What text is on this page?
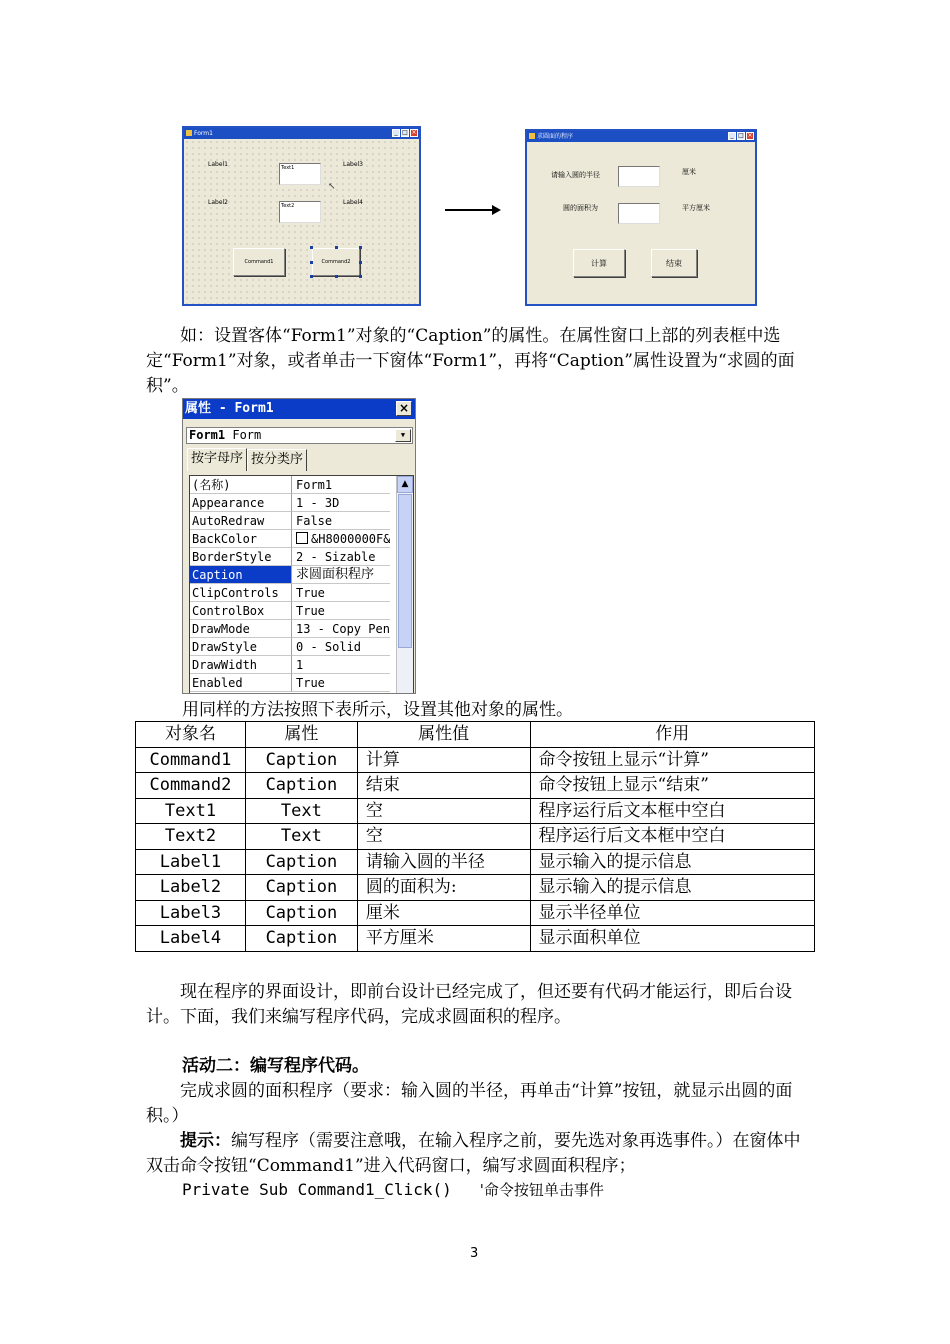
Form1	_ □ ×
Label1	Text1	Label3
↖
Label2	Text2	Label4
Command1	Command2
求圆面的程序	_ □ ×
请输入圆的半径	厘米
圆的面积为	平方厘米
计算	结束
如：设置客体“Form1”对象的“Caption”的属性。在属性窗口上部的列表框中选定“Form1”对象，或者单击一下窗体“Form1”，再将“Caption”属性设置为“求圆的面积”。
属性 - Form1	×
Form1 Form	▼
按字母序 按分类序
(名称)	Form1
Appearance	1 - 3D
AutoRedraw	False
BackColor	&H8000000F&
BorderStyle	2 - Sizable
Caption	求圆面积程序
ClipControls	True
ControlBox	True
DrawMode	13 - Copy Pen
DrawStyle	0 - Solid
DrawWidth	1
Enabled	True
▲
用同样的方法按照下表所示，设置其他对象的属性。
对象名	属性	属性值	作用
Command1	Caption	计算	命令按钮上显示“计算”
Command2	Caption	结束	命令按钮上显示“结束”
Text1	Text	空	程序运行后文本框中空白
Text2	Text	空	程序运行后文本框中空白
Label1	Caption	请输入圆的半径	显示输入的提示信息
Label2	Caption	圆的面积为:	显示输入的提示信息
Label3	Caption	厘米	显示半径单位
Label4	Caption	平方厘米	显示面积单位
现在程序的界面设计，即前台设计已经完成了，但还要有代码才能运行，即后台设计。下面，我们来编写程序代码，完成求圆面积的程序。
活动二：编写程序代码。
完成求圆的面积程序（要求：输入圆的半径，再单击“计算”按钮，就显示出圆的面积。）
提示：编写程序（需要注意哦，在输入程序之前，要先选对象再选事件。）在窗体中双击命令按钮“Command1”进入代码窗口，编写求圆面积程序；
Private Sub Command1_Click() '命令按钮单击事件
3
